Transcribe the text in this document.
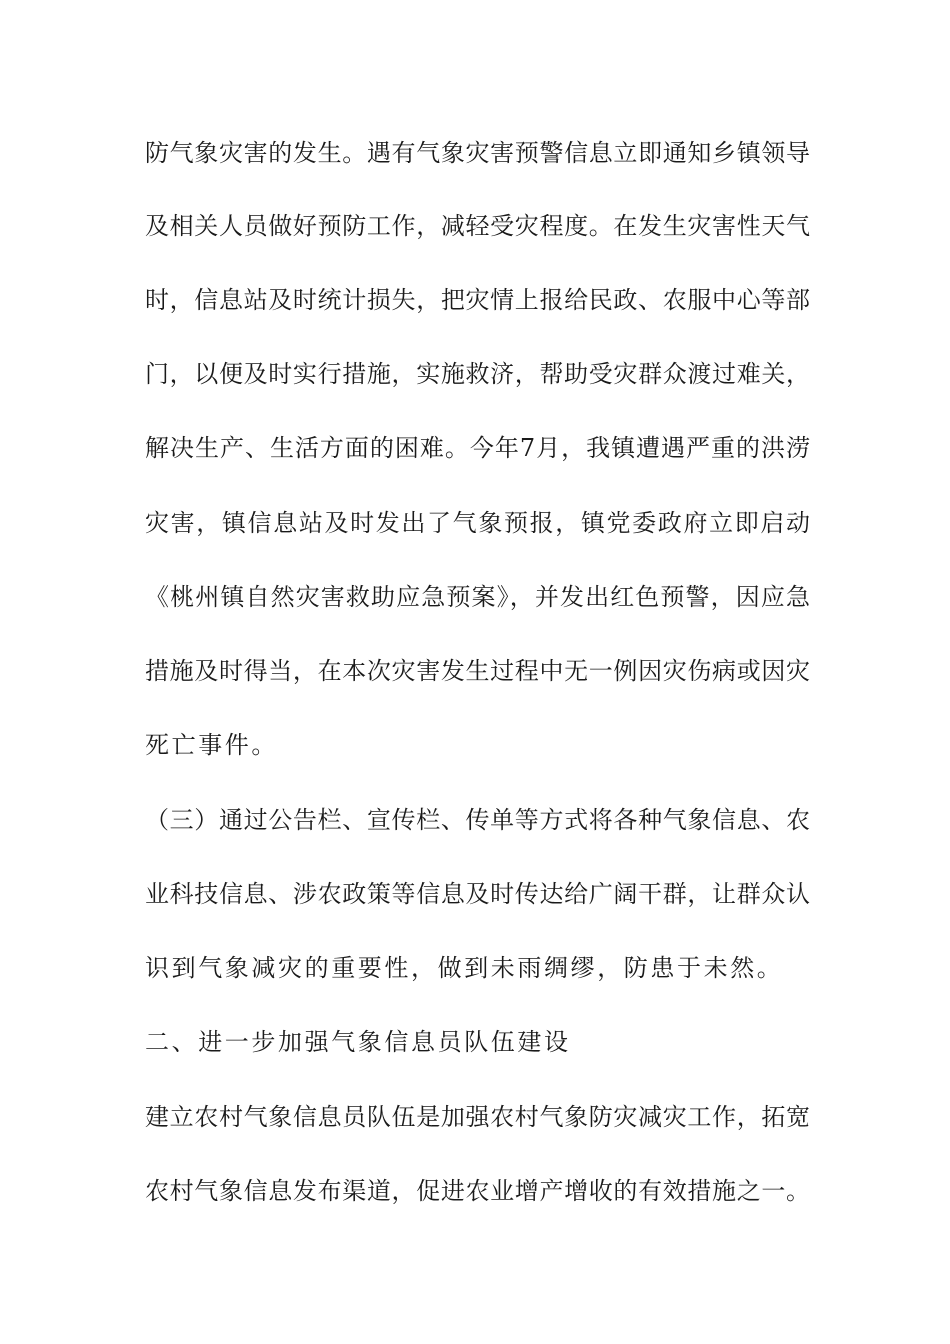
防气象灾害的发生。遇有气象灾害预警信息立即通知乡镇领导
及相关人员做好预防工作，减轻受灾程度。在发生灾害性天气
时，信息站及时统计损失，把灾情上报给民政、农服中心等部
门，以便及时实行措施，实施救济，帮助受灾群众渡过难关，
解决生产、生活方面的困难。今年7月，我镇遭遇严重的洪涝
灾害，镇信息站及时发出了气象预报，镇党委政府立即启动
《桃州镇自然灾害救助应急预案》，并发出红色预警，因应急
措施及时得当，在本次灾害发生过程中无一例因灾伤病或因灾
死亡事件。
（三）通过公告栏、宣传栏、传单等方式将各种气象信息、农
业科技信息、涉农政策等信息及时传达给广阔干群，让群众认
识到气象减灾的重要性，做到未雨绸缪，防患于未然。
二、进一步加强气象信息员队伍建设
建立农村气象信息员队伍是加强农村气象防灾减灾工作，拓宽
农村气象信息发布渠道，促进农业增产增收的有效措施之一。
